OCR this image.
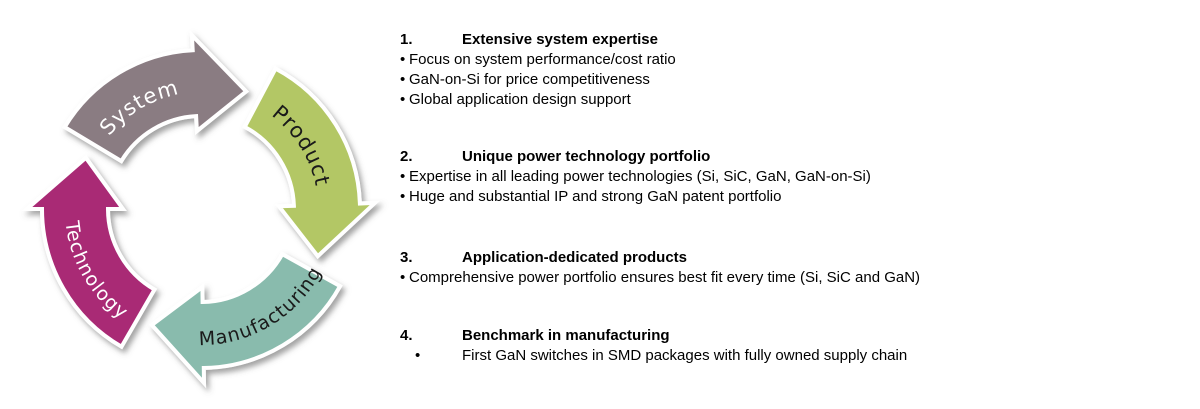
System
Product
Manufacturing
Technology
1.	Extensive system expertise
• Focus on system performance/cost ratio
• GaN-on-Si for price competitiveness
• Global application design support
2.	Unique power technology portfolio
• Expertise in all leading power technologies (Si, SiC, GaN, GaN-on-Si)
• Huge and substantial IP and strong GaN patent portfolio
3.	Application-dedicated products
• Comprehensive power portfolio ensures best fit every time (Si, SiC and GaN)
4.	Benchmark in manufacturing
•	First GaN switches in SMD packages with fully owned supply chain
